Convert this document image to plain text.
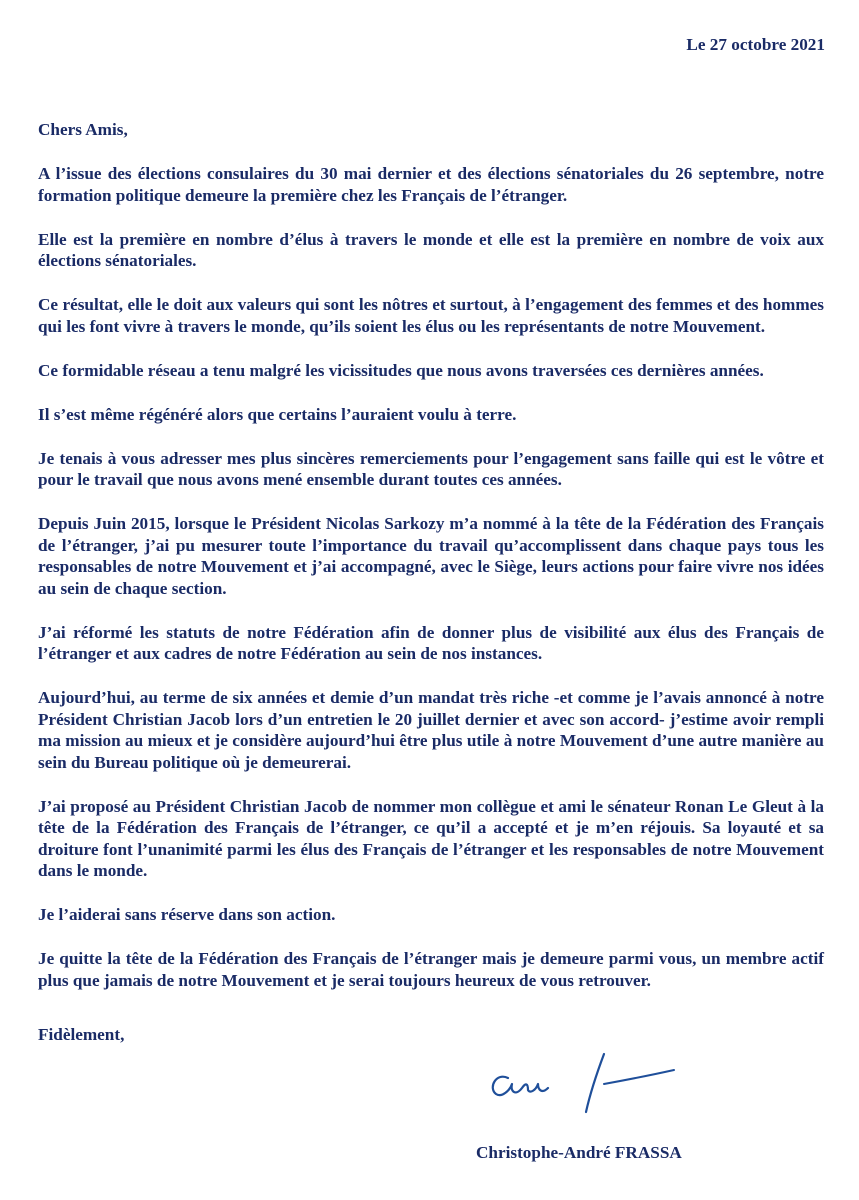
Le 27 octobre 2021
Chers Amis,

A l’issue des élections consulaires du 30 mai dernier et des élections sénatoriales du 26 septembre, notre formation politique demeure la première chez les Français de l’étranger.

Elle est la première en nombre d’élus à travers le monde et elle est la première en nombre de voix aux élections sénatoriales.

Ce résultat, elle le doit aux valeurs qui sont les nôtres et surtout, à l’engagement des femmes et des hommes qui les font vivre à travers le monde, qu’ils soient les élus ou les représentants de notre Mouvement.

Ce formidable réseau a tenu malgré les vicissitudes que nous avons traversées ces dernières années.

Il s’est même régénéré alors que certains l’auraient voulu à terre.

Je tenais à vous adresser mes plus sincères remerciements pour l’engagement sans faille qui est le vôtre et pour le travail que nous avons mené ensemble durant toutes ces années.

Depuis Juin 2015, lorsque le Président Nicolas Sarkozy m’a nommé à la tête de la Fédération des Français de l’étranger, j’ai pu mesurer toute l’importance du travail qu’accomplissent dans chaque pays tous les responsables de notre Mouvement et j’ai accompagné, avec le Siège, leurs actions pour faire vivre nos idées au sein de chaque section.

J’ai réformé les statuts de notre Fédération afin de donner plus de visibilité aux élus des Français de l’étranger et aux cadres de notre Fédération au sein de nos instances.

Aujourd’hui, au terme de six années et demie d’un mandat très riche -et comme je l’avais annoncé à notre Président Christian Jacob lors d’un entretien le 20 juillet dernier et avec son accord- j’estime avoir rempli ma mission au mieux et je considère aujourd’hui être plus utile à notre Mouvement d’une autre manière au sein du Bureau politique où je demeurerai.

J’ai proposé au Président Christian Jacob de nommer mon collègue et ami le sénateur Ronan Le Gleut à la tête de la Fédération des Français de l’étranger, ce qu’il a accepté et je m’en réjouis. Sa loyauté et sa droiture font l’unanimité parmi les élus des Français de l’étranger et les responsables de notre Mouvement dans le monde.

Je l’aiderai sans réserve dans son action.

Je quitte la tête de la Fédération des Français de l’étranger mais je demeure parmi vous, un membre actif plus que jamais de notre Mouvement et je serai toujours heureux de vous retrouver.

Fidèlement,
Christophe-André FRASSA
